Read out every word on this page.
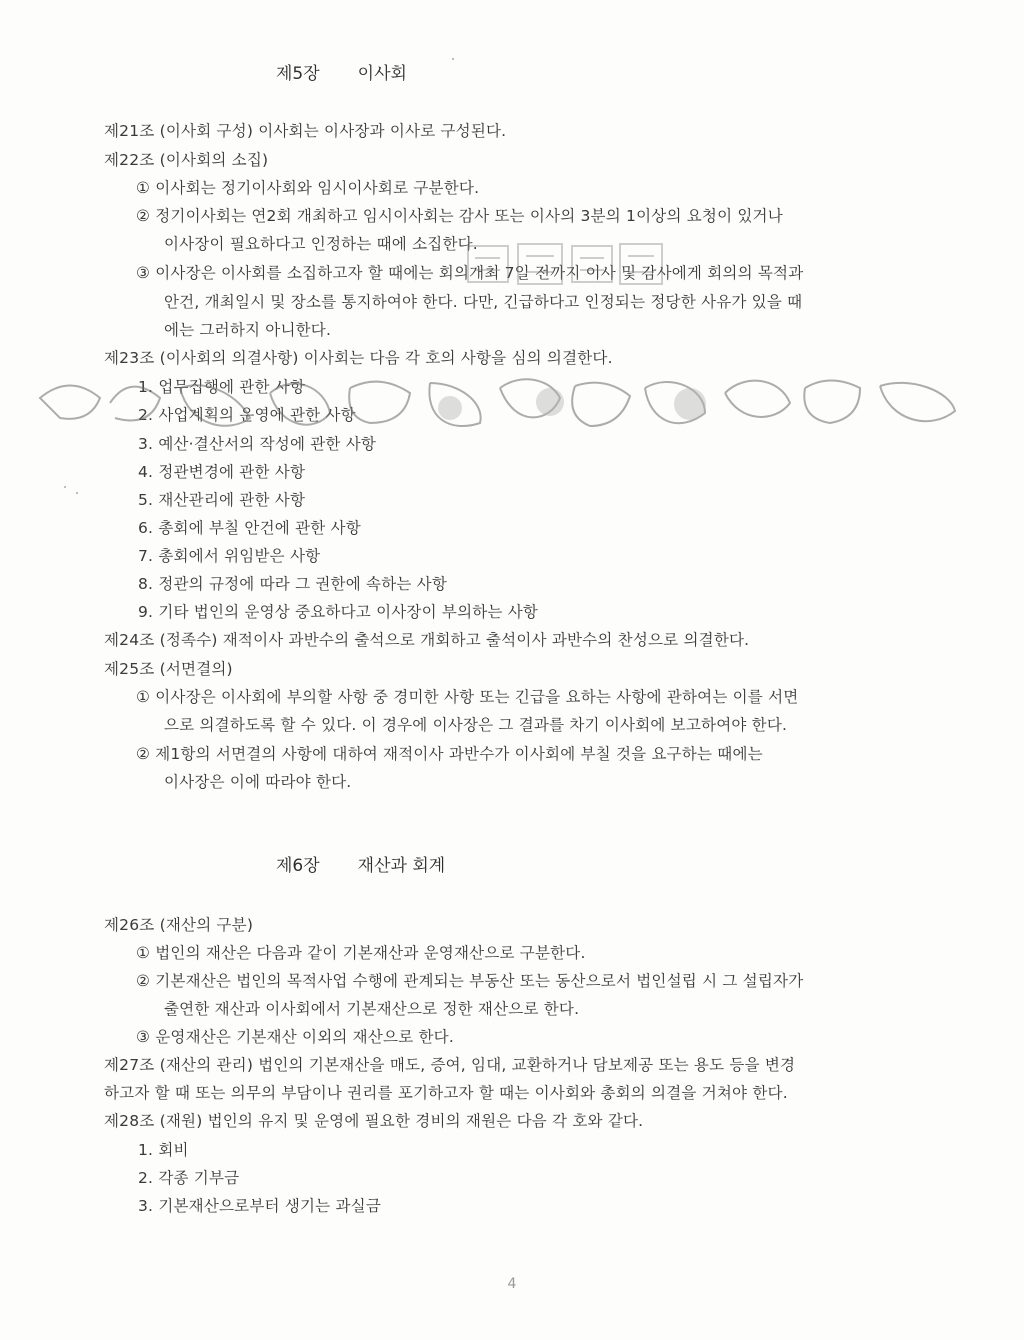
제5장 이사회
제21조 (이사회 구성) 이사회는 이사장과 이사로 구성된다.
제22조 (이사회의 소집)
① 이사회는 정기이사회와 임시이사회로 구분한다.
② 정기이사회는 연2회 개최하고 임시이사회는 감사 또는 이사의 3분의 1이상의 요청이 있거나
이사장이 필요하다고 인정하는 때에 소집한다.
③ 이사장은 이사회를 소집하고자 할 때에는 회의개최 7일 전까지 이사 및 감사에게 회의의 목적과
안건, 개최일시 및 장소를 통지하여야 한다. 다만, 긴급하다고 인정되는 정당한 사유가 있을 때
에는 그러하지 아니한다.
제23조 (이사회의 의결사항) 이사회는 다음 각 호의 사항을 심의 의결한다.
1. 업무집행에 관한 사항
2. 사업계획의 운영에 관한 사항
3. 예산·결산서의 작성에 관한 사항
4. 정관변경에 관한 사항
5. 재산관리에 관한 사항
6. 총회에 부칠 안건에 관한 사항
7. 총회에서 위임받은 사항
8. 정관의 규정에 따라 그 권한에 속하는 사항
9. 기타 법인의 운영상 중요하다고 이사장이 부의하는 사항
제24조 (정족수) 재적이사 과반수의 출석으로 개회하고 출석이사 과반수의 찬성으로 의결한다.
제25조 (서면결의)
① 이사장은 이사회에 부의할 사항 중 경미한 사항 또는 긴급을 요하는 사항에 관하여는 이를 서면
으로 의결하도록 할 수 있다. 이 경우에 이사장은 그 결과를 차기 이사회에 보고하여야 한다.
② 제1항의 서면결의 사항에 대하여 재적이사 과반수가 이사회에 부칠 것을 요구하는 때에는
이사장은 이에 따라야 한다.
제6장 재산과 회계
제26조 (재산의 구분)
① 법인의 재산은 다음과 같이 기본재산과 운영재산으로 구분한다.
② 기본재산은 법인의 목적사업 수행에 관계되는 부동산 또는 동산으로서 법인설립 시 그 설립자가
출연한 재산과 이사회에서 기본재산으로 정한 재산으로 한다.
③ 운영재산은 기본재산 이외의 재산으로 한다.
제27조 (재산의 관리) 법인의 기본재산을 매도, 증여, 임대, 교환하거나 담보제공 또는 용도 등을 변경
하고자 할 때 또는 의무의 부담이나 권리를 포기하고자 할 때는 이사회와 총회의 의결을 거쳐야 한다.
제28조 (재원) 법인의 유지 및 운영에 필요한 경비의 재원은 다음 각 호와 같다.
1. 회비
2. 각종 기부금
3. 기본재산으로부터 생기는 과실금
4
